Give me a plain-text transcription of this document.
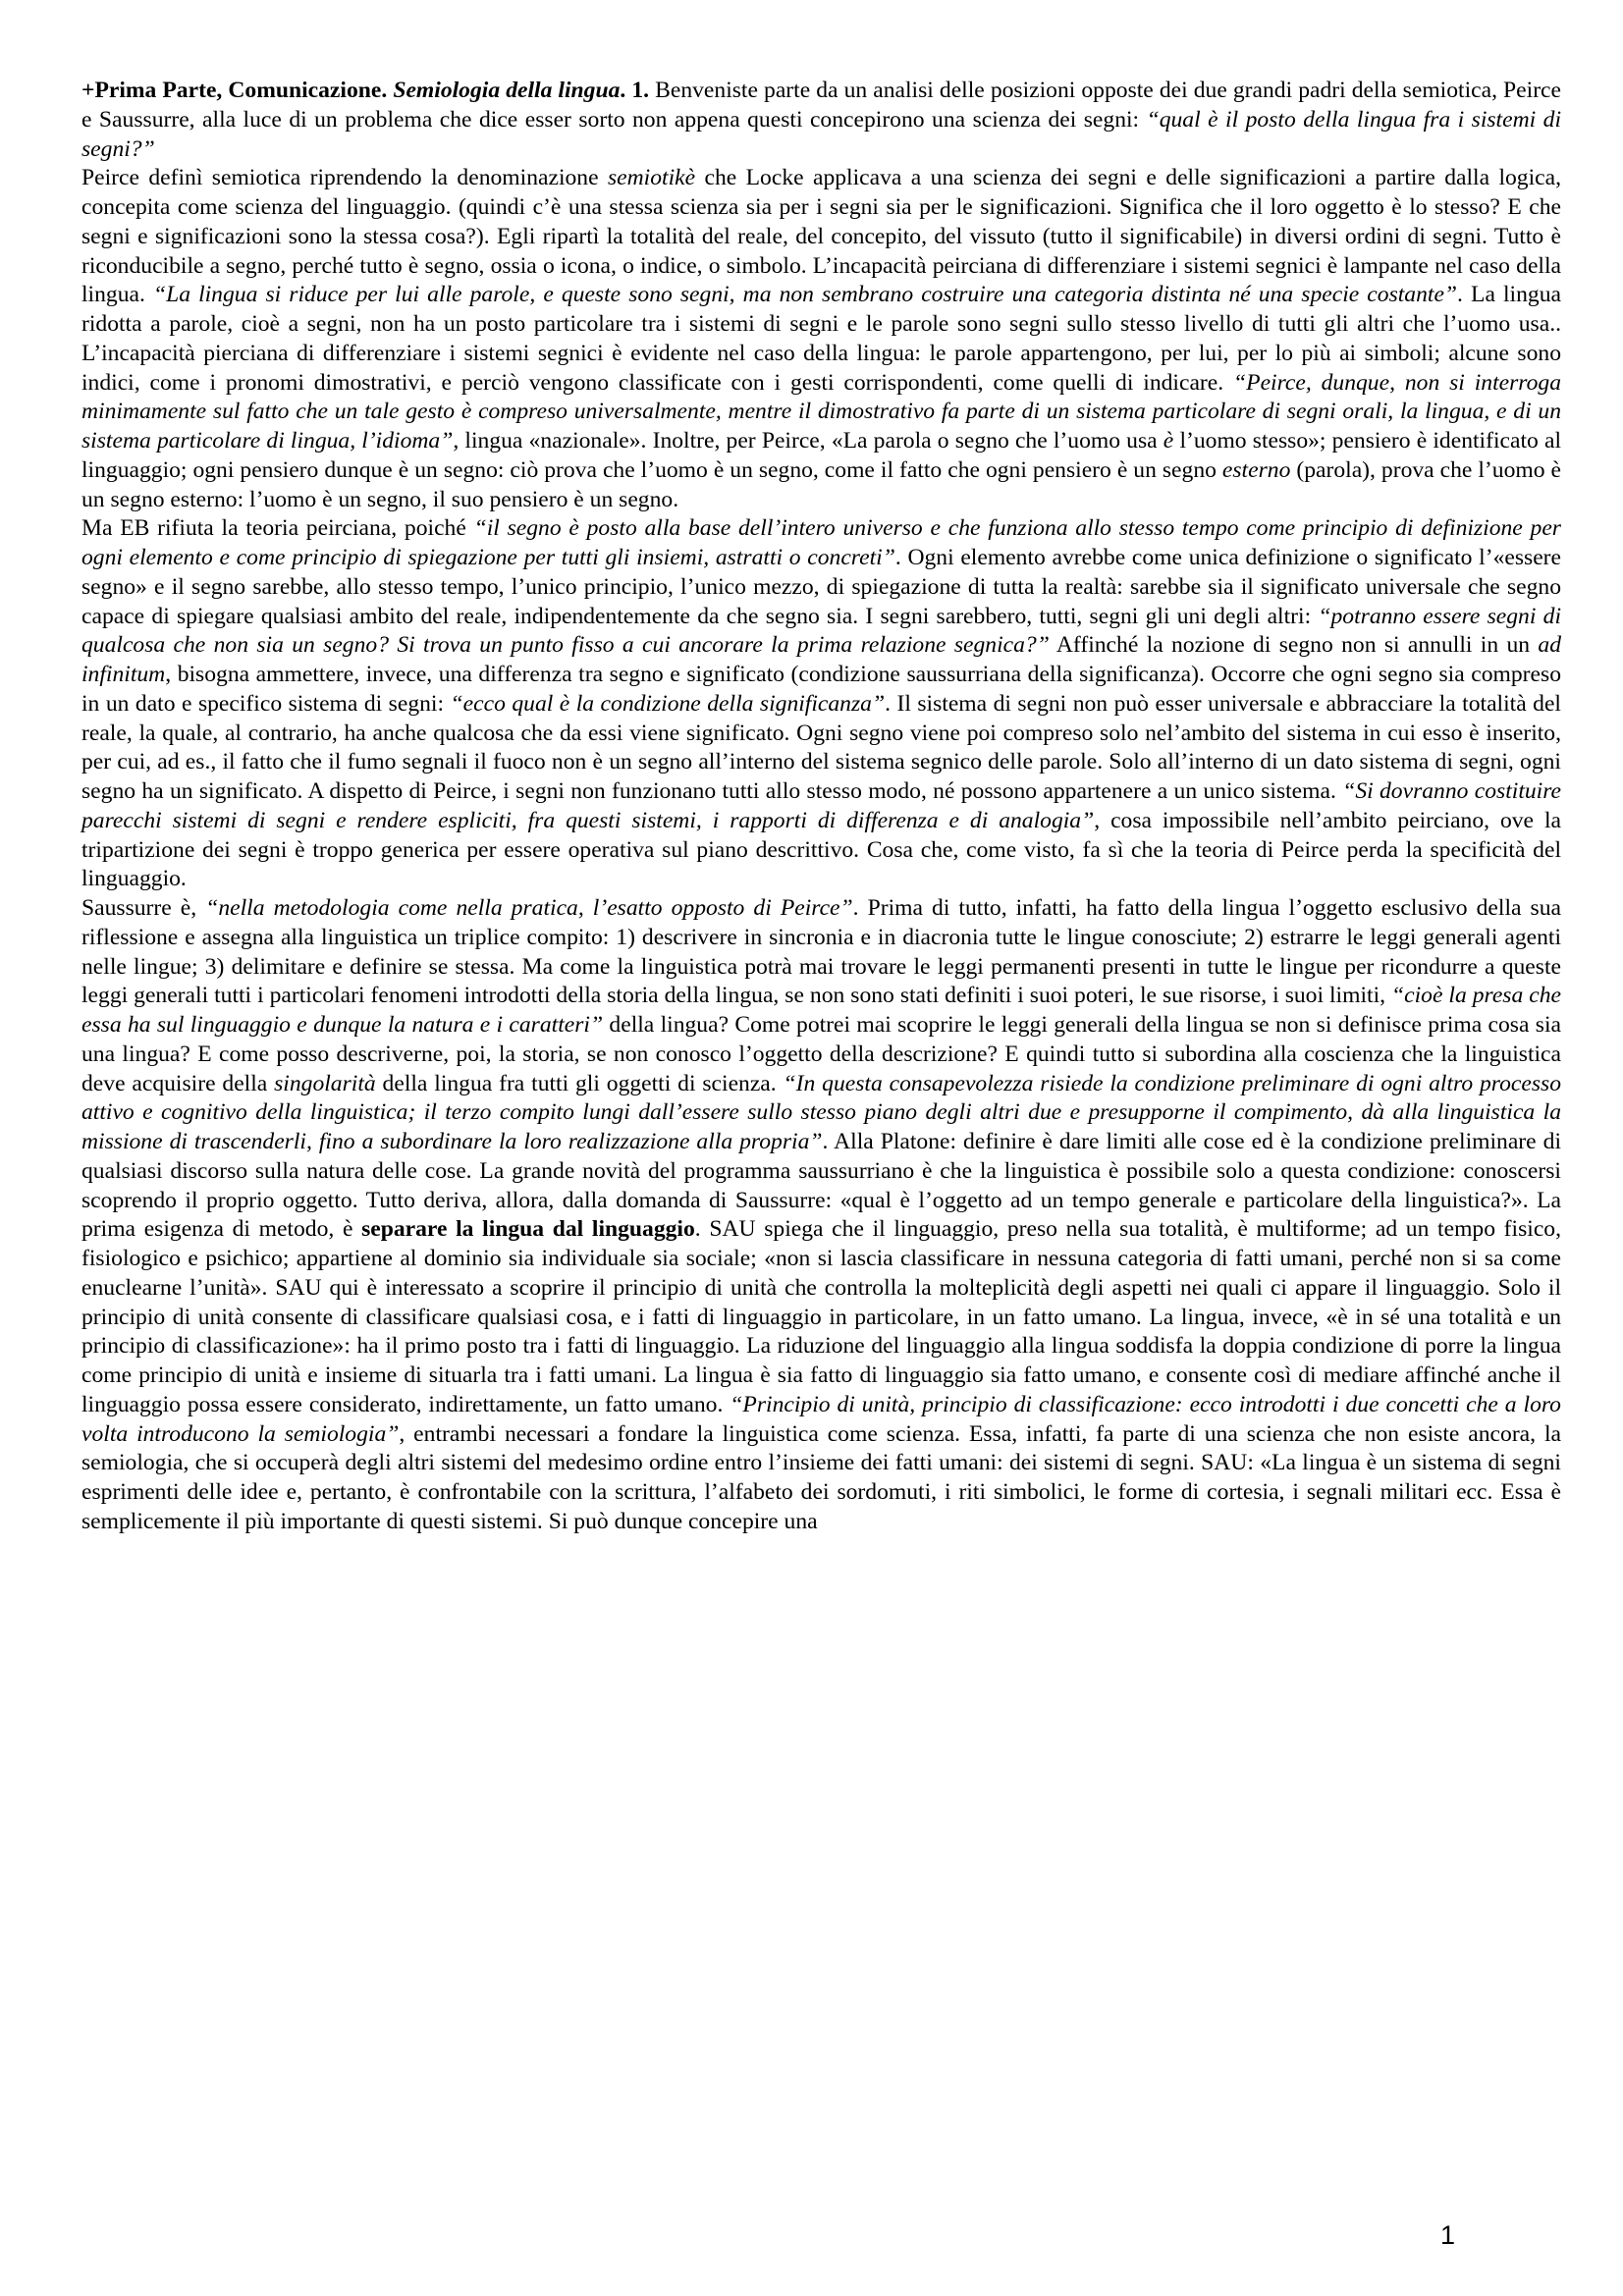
+Prima Parte, Comunicazione. Semiologia della lingua. 1. Benveniste parte da un analisi delle posizioni opposte dei due grandi padri della semiotica, Peirce e Saussurre, alla luce di un problema che dice esser sorto non appena questi concepirono una scienza dei segni: “qual è il posto della lingua fra i sistemi di segni?”

Peirce definì semiotica riprendendo la denominazione semiotikè che Locke applicava a una scienza dei segni e delle significazioni a partire dalla logica, concepita come scienza del linguaggio. (quindi c’è una stessa scienza sia per i segni sia per le significazioni. Significa che il loro oggetto è lo stesso? E che segni e significazioni sono la stessa cosa?). Egli ripartì la totalità del reale, del concepito, del vissuto (tutto il significabile) in diversi ordini di segni. Tutto è riconducibile a segno, perché tutto è segno, ossia o icona, o indice, o simbolo. L’incapacità peirciana di differenziare i sistemi segnici è lampante nel caso della lingua. “La lingua si riduce per lui alle parole, e queste sono segni, ma non sembrano costruire una categoria distinta né una specie costante”. La lingua ridotta a parole, cioè a segni, non ha un posto particolare tra i sistemi di segni e le parole sono segni sullo stesso livello di tutti gli altri che l’uomo usa.. L’incapacità pierciana di differenziare i sistemi segnici è evidente nel caso della lingua: le parole appartengono, per lui, per lo più ai simboli; alcune sono indici, come i pronomi dimostrativi, e perciò vengono classificate con i gesti corrispondenti, come quelli di indicare. “Peirce, dunque, non si interroga minimamente sul fatto che un tale gesto è compreso universalmente, mentre il dimostrativo fa parte di un sistema particolare di segni orali, la lingua, e di un sistema particolare di lingua, l’idioma”, lingua «nazionale». Inoltre, per Peirce, «La parola o segno che l’uomo usa è l’uomo stesso»; pensiero è identificato al linguaggio; ogni pensiero dunque è un segno: ciò prova che l’uomo è un segno, come il fatto che ogni pensiero è un segno esterno (parola), prova che l’uomo è un segno esterno: l’uomo è un segno, il suo pensiero è un segno.

Ma EB rifiuta la teoria peirciana, poiché “il segno è posto alla base dell’intero universo e che funziona allo stesso tempo come principio di definizione per ogni elemento e come principio di spiegazione per tutti gli insiemi, astratti o concreti”. Ogni elemento avrebbe come unica definizione o significato l’«essere segno» e il segno sarebbe, allo stesso tempo, l’unico principio, l’unico mezzo, di spiegazione di tutta la realtà: sarebbe sia il significato universale che segno capace di spiegare qualsiasi ambito del reale, indipendentemente da che segno sia. I segni sarebbero, tutti, segni gli uni degli altri: “potranno essere segni di qualcosa che non sia un segno? Si trova un punto fisso a cui ancorare la prima relazione segnica?” Affinché la nozione di segno non si annulli in un ad infinitum, bisogna ammettere, invece, una differenza tra segno e significato (condizione saussurriana della significanza). Occorre che ogni segno sia compreso in un dato e specifico sistema di segni: “ecco qual è la condizione della significanza”. Il sistema di segni non può esser universale e abbracciare la totalità del reale, la quale, al contrario, ha anche qualcosa che da essi viene significato. Ogni segno viene poi compreso solo nel’ambito del sistema in cui esso è inserito, per cui, ad es., il fatto che il fumo segnali il fuoco non è un segno all’interno del sistema segnico delle parole. Solo all’interno di un dato sistema di segni, ogni segno ha un significato. A dispetto di Peirce, i segni non funzionano tutti allo stesso modo, né possono appartenere a un unico sistema. “Si dovranno costituire parecchi sistemi di segni e rendere espliciti, fra questi sistemi, i rapporti di differenza e di analogia”, cosa impossibile nell’ambito peirciano, ove la tripartizione dei segni è troppo generica per essere operativa sul piano descrittivo. Cosa che, come visto, fa sì che la teoria di Peirce perda la specificità del linguaggio.

Saussurre è, “nella metodologia come nella pratica, l’esatto opposto di Peirce”. Prima di tutto, infatti, ha fatto della lingua l’oggetto esclusivo della sua riflessione e assegna alla linguistica un triplice compito: 1) descrivere in sincronia e in diacronia tutte le lingue conosciute; 2) estrarre le leggi generali agenti nelle lingue; 3) delimitare e definire se stessa. Ma come la linguistica potrà mai trovare le leggi permanenti presenti in tutte le lingue per ricondurre a queste leggi generali tutti i particolari fenomeni introdotti della storia della lingua, se non sono stati definiti i suoi poteri, le sue risorse, i suoi limiti, “cioè la presa che essa ha sul linguaggio e dunque la natura e i caratteri” della lingua? Come potrei mai scoprire le leggi generali della lingua se non si definisce prima cosa sia una lingua? E come posso descriverne, poi, la storia, se non conosco l’oggetto della descrizione? E quindi tutto si subordina alla coscienza che la linguistica deve acquisire della singolarità della lingua fra tutti gli oggetti di scienza. “In questa consapevolezza risiede la condizione preliminare di ogni altro processo attivo e cognitivo della linguistica; il terzo compito lungi dall’essere sullo stesso piano degli altri due e presupporne il compimento, dà alla linguistica la missione di trascenderli, fino a subordinare la loro realizzazione alla propria”. Alla Platone: definire è dare limiti alle cose ed è la condizione preliminare di qualsiasi discorso sulla natura delle cose. La grande novità del programma saussurriano è che la linguistica è possibile solo a questa condizione: conoscersi scoprendo il proprio oggetto. Tutto deriva, allora, dalla domanda di Saussurre: «qual è l’oggetto ad un tempo generale e particolare della linguistica?». La prima esigenza di metodo, è separare la lingua dal linguaggio. SAU spiega che il linguaggio, preso nella sua totalità, è multiforme; ad un tempo fisico, fisiologico e psichico; appartiene al dominio sia individuale sia sociale; «non si lascia classificare in nessuna categoria di fatti umani, perché non si sa come enuclearne l’unità». SAU qui è interessato a scoprire il principio di unità che controlla la molteplicità degli aspetti nei quali ci appare il linguaggio. Solo il principio di unità consente di classificare qualsiasi cosa, e i fatti di linguaggio in particolare, in un fatto umano. La lingua, invece, «è in sé una totalità e un principio di classificazione»: ha il primo posto tra i fatti di linguaggio. La riduzione del linguaggio alla lingua soddisfa la doppia condizione di porre la lingua come principio di unità e insieme di situarla tra i fatti umani. La lingua è sia fatto di linguaggio sia fatto umano, e consente così di mediare affinché anche il linguaggio possa essere considerato, indirettamente, un fatto umano. “Principio di unità, principio di classificazione: ecco introdotti i due concetti che a loro volta introducono la semiologia”, entrambi necessari a fondare la linguistica come scienza. Essa, infatti, fa parte di una scienza che non esiste ancora, la semiologia, che si occuperà degli altri sistemi del medesimo ordine entro l’insieme dei fatti umani: dei sistemi di segni. SAU: «La lingua è un sistema di segni esprimenti delle idee e, pertanto, è confrontabile con la scrittura, l’alfabeto dei sordomuti, i riti simbolici, le forme di cortesia, i segnali militari ecc. Essa è semplicemente il più importante di questi sistemi. Si può dunque concepire una

1
